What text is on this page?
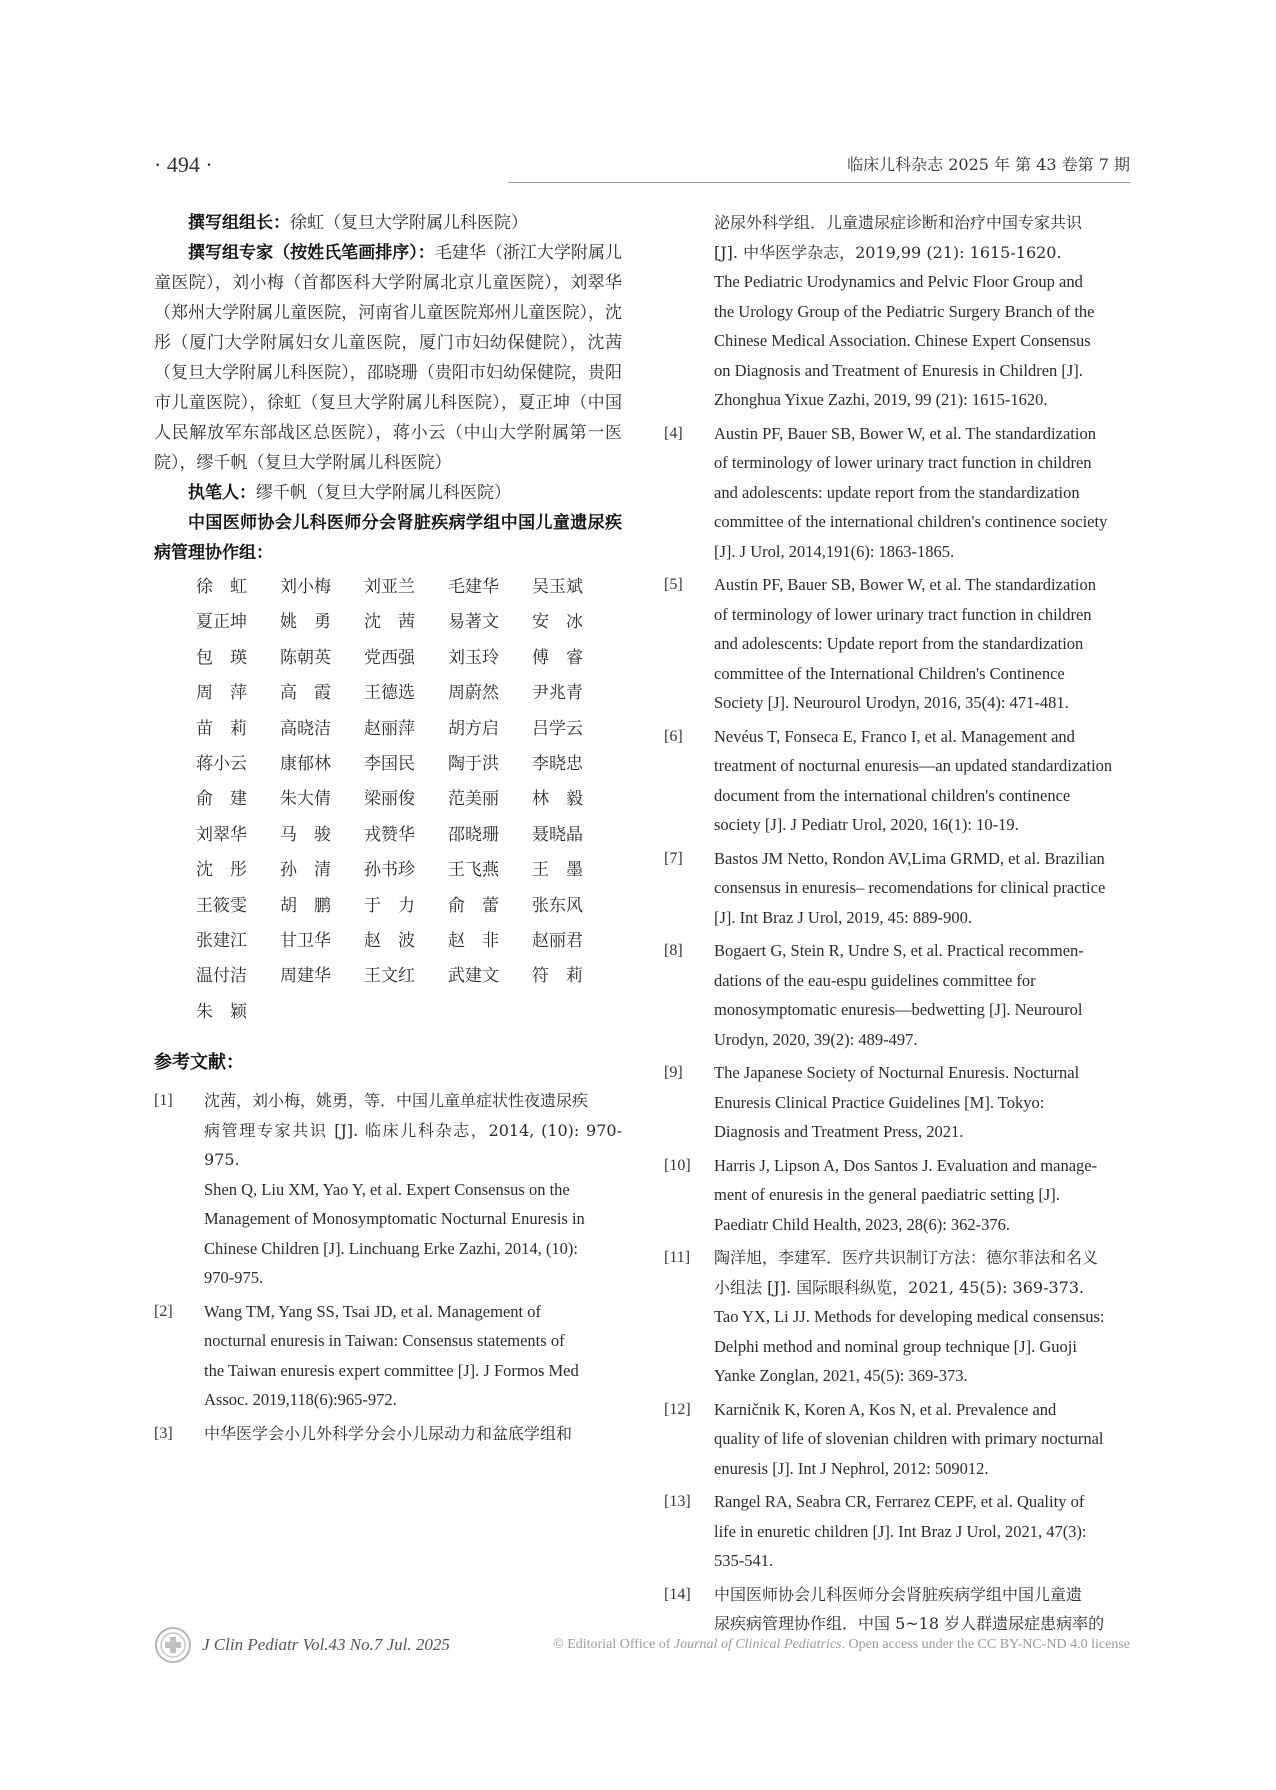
· 494 ·	临床儿科杂志 2025 年 第 43 卷第 7 期

撰写组组长：徐虹（复旦大学附属儿科医院）

撰写组专家（按姓氏笔画排序）：毛建华（浙江大学附属儿童医院），刘小梅（首都医科大学附属北京儿童医院），刘翠华（郑州大学附属儿童医院，河南省儿童医院郑州儿童医院），沈彤（厦门大学附属妇女儿童医院，厦门市妇幼保健院），沈茜（复旦大学附属儿科医院），邵晓珊（贵阳市妇幼保健院，贵阳市儿童医院），徐虹（复旦大学附属儿科医院），夏正坤（中国人民解放军东部战区总医院），蒋小云（中山大学附属第一医院），缪千帆（复旦大学附属儿科医院）

执笔人：缪千帆（复旦大学附属儿科医院）

中国医师协会儿科医师分会肾脏疾病学组中国儿童遗尿疾病管理协作组：

徐　虹	刘小梅	刘亚兰	毛建华	吴玉斌
夏正坤	姚　勇	沈　茜	易著文	安　冰
包　瑛	陈朝英	党西强	刘玉玲	傅　睿
周　萍	高　霞	王德选	周蔚然	尹兆青
苗　莉	高晓洁	赵丽萍	胡方启	吕学云
蒋小云	康郁林	李国民	陶于洪	李晓忠
俞　建	朱大倩	梁丽俊	范美丽	林　毅
刘翠华	马　骏	戎赞华	邵晓珊	聂晓晶
沈　彤	孙　清	孙书珍	王飞燕	王　墨
王筱雯	胡　鹏	于　力	俞　蕾	张东风
张建江	甘卫华	赵　波	赵　非	赵丽君
温付洁	周建华	王文红	武建文	符　莉
朱　颖
参考文献：
[1]	沈茜，刘小梅，姚勇，等．中国儿童单症状性夜遗尿疾

病管理专家共识 [J]. 临床儿科杂志，2014, (10): 970-975.

Shen Q, Liu XM, Yao Y, et al. Expert Consensus on the

Management of Monosymptomatic Nocturnal Enuresis in

Chinese Children [J]. Linchuang Erke Zazhi, 2014, (10):

970-975.

[2]	Wang TM, Yang SS, Tsai JD, et al. Management of

nocturnal enuresis in Taiwan: Consensus statements of

the Taiwan enuresis expert committee [J]. J Formos Med

Assoc. 2019,118(6):965-972.

[3]	中华医学会小儿外科学分会小儿尿动力和盆底学组和

泌尿外科学组．儿童遗尿症诊断和治疗中国专家共识

[J]. 中华医学杂志，2019,99 (21): 1615-1620.

The Pediatric Urodynamics and Pelvic Floor Group and

the Urology Group of the Pediatric Surgery Branch of the

Chinese Medical Association. Chinese Expert Consensus

on Diagnosis and Treatment of Enuresis in Children [J].

Zhonghua Yixue Zazhi, 2019, 99 (21): 1615-1620.

[4]	Austin PF, Bauer SB, Bower W, et al. The standardization

of terminology of lower urinary tract function in children

and adolescents: update report from the standardization

committee of the international children's continence society

[J]. J Urol, 2014,191(6): 1863-1865.

[5]	Austin PF, Bauer SB, Bower W, et al. The standardization

of terminology of lower urinary tract function in children

and adolescents: Update report from the standardization

committee of the International Children's Continence

Society [J]. Neurourol Urodyn, 2016, 35(4): 471-481.

[6]	Nevéus T, Fonseca E, Franco I, et al. Management and

treatment of nocturnal enuresis—an updated standardization

document from the international children's continence

society [J]. J Pediatr Urol, 2020, 16(1): 10-19.

[7]	Bastos JM Netto, Rondon AV,Lima GRMD, et al. Brazilian

consensus in enuresis– recomendations for clinical practice

[J]. Int Braz J Urol, 2019, 45: 889-900.

[8]	Bogaert G, Stein R, Undre S, et al. Practical recommen-

dations of the eau-espu guidelines committee for

monosymptomatic enuresis—bedwetting [J]. Neurourol

Urodyn, 2020, 39(2): 489-497.

[9]	The Japanese Society of Nocturnal Enuresis. Nocturnal

Enuresis Clinical Practice Guidelines [M]. Tokyo:

Diagnosis and Treatment Press, 2021.

[10]	Harris J, Lipson A, Dos Santos J. Evaluation and manage-

ment of enuresis in the general paediatric setting [J].

Paediatr Child Health, 2023, 28(6): 362-376.

[11]	陶洋旭，李建军．医疗共识制订方法：德尔菲法和名义

小组法 [J]. 国际眼科纵览，2021, 45(5): 369-373.

Tao YX, Li JJ. Methods for developing medical consensus:

Delphi method and nominal group technique [J]. Guoji

Yanke Zonglan, 2021, 45(5): 369-373.

[12]	Karničnik K, Koren A, Kos N, et al. Prevalence and

quality of life of slovenian children with primary nocturnal

enuresis [J]. Int J Nephrol, 2012: 509012.

[13]	Rangel RA, Seabra CR, Ferrarez CEPF, et al. Quality of

life in enuretic children [J]. Int Braz J Urol, 2021, 47(3):

535-541.

[14]	中国医师协会儿科医师分会肾脏疾病学组中国儿童遗

尿疾病管理协作组．中国 5~18 岁人群遗尿症患病率的

J Clin Pediatr Vol.43 No.7 Jul. 2025	© Editorial Office of Journal of Clinical Pediatrics. Open access under the CC BY-NC-ND 4.0 license
